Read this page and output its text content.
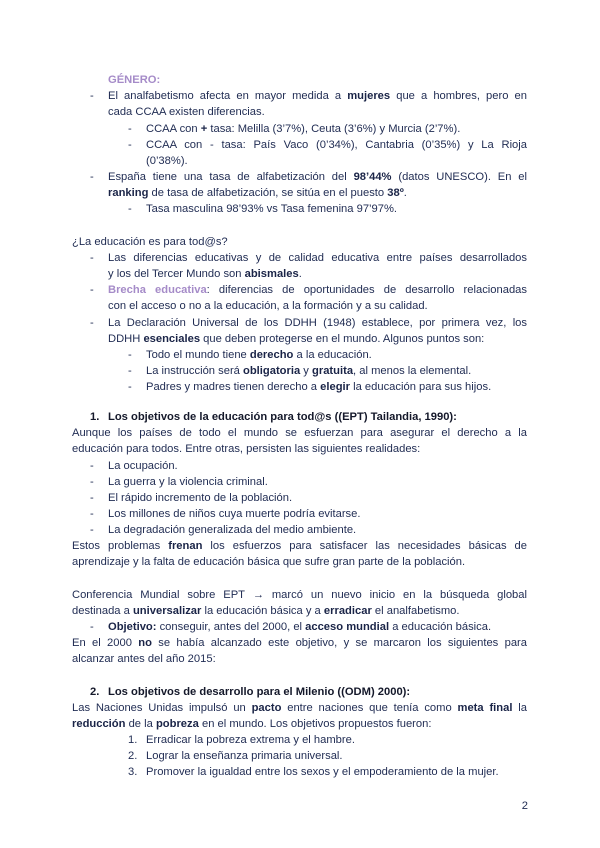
GÉNERO:
- El analfabetismo afecta en mayor medida a mujeres que a hombres, pero en
cada CCAA existen diferencias.
- CCAA con + tasa: Melilla (3’7%), Ceuta (3’6%) y Murcia (2’7%).
- CCAA con - tasa: País Vaco (0’34%), Cantabria (0’35%) y La Rioja
(0’38%).
- España tiene una tasa de alfabetización del 98’44% (datos UNESCO). En el
ranking de tasa de alfabetización, se sitúa en el puesto 38º.
- Tasa masculina 98’93% vs Tasa femenina 97’97%.
¿La educación es para tod@s?
- Las diferencias educativas y de calidad educativa entre países desarrollados
y los del Tercer Mundo son abismales.
- Brecha educativa: diferencias de oportunidades de desarrollo relacionadas
con el acceso o no a la educación, a la formación y a su calidad.
- La Declaración Universal de los DDHH (1948) establece, por primera vez, los
DDHH esenciales que deben protegerse en el mundo. Algunos puntos son:
- Todo el mundo tiene derecho a la educación.
- La instrucción será obligatoria y gratuita, al menos la elemental.
- Padres y madres tienen derecho a elegir la educación para sus hijos.
1. Los objetivos de la educación para tod@s ((EPT) Tailandia, 1990):
Aunque los países de todo el mundo se esfuerzan para asegurar el derecho a la
educación para todos. Entre otras, persisten las siguientes realidades:
- La ocupación.
- La guerra y la violencia criminal.
- El rápido incremento de la población.
- Los millones de niños cuya muerte podría evitarse.
- La degradación generalizada del medio ambiente.
Estos problemas frenan los esfuerzos para satisfacer las necesidades básicas de
aprendizaje y la falta de educación básica que sufre gran parte de la población.
Conferencia Mundial sobre EPT → marcó un nuevo inicio en la búsqueda global
destinada a universalizar la educación básica y a erradicar el analfabetismo.
- Objetivo: conseguir, antes del 2000, el acceso mundial a educación básica.
En el 2000 no se había alcanzado este objetivo, y se marcaron los siguientes para
alcanzar antes del año 2015:
2. Los objetivos de desarrollo para el Milenio ((ODM) 2000):
Las Naciones Unidas impulsó un pacto entre naciones que tenía como meta final la
reducción de la pobreza en el mundo. Los objetivos propuestos fueron:
1. Erradicar la pobreza extrema y el hambre.
2. Lograr la enseñanza primaria universal.
3. Promover la igualdad entre los sexos y el empoderamiento de la mujer.
2
